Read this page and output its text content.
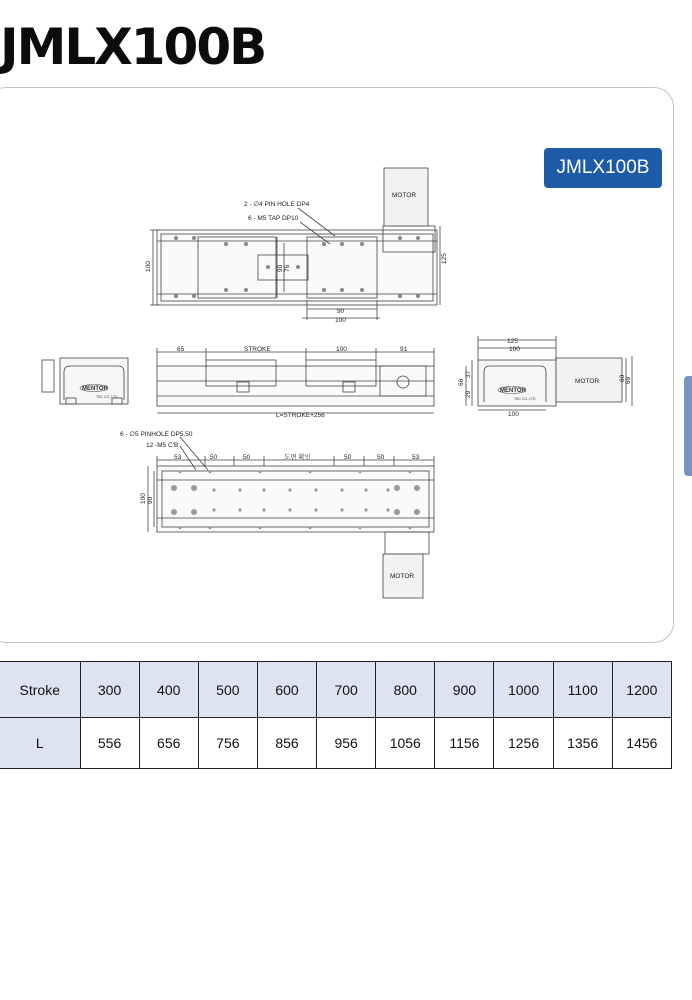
JMLX100B
JMLX100B
2 - ∅4 PIN HOLE DP4
6 - M5 TAP DP10
100	90 76
125
90
100
MOTOR
65	STROKE	100	91
L=STROKE+256
125
100
66
37
29
60 69
100
MOTOR
6 - ∅5 PINHOLE DP5.50
12 -M5 C'B
53	50	50	도면 확인	50	50	53
100 90
MOTOR
MENTOR
TBC CO.,LTD
MENTOR
TBC CO.,LTD
Stroke	300	400	500	600	700	800	900	1000	1100	1200
L	556	656	756	856	956	1056	1156	1256	1356	1456
